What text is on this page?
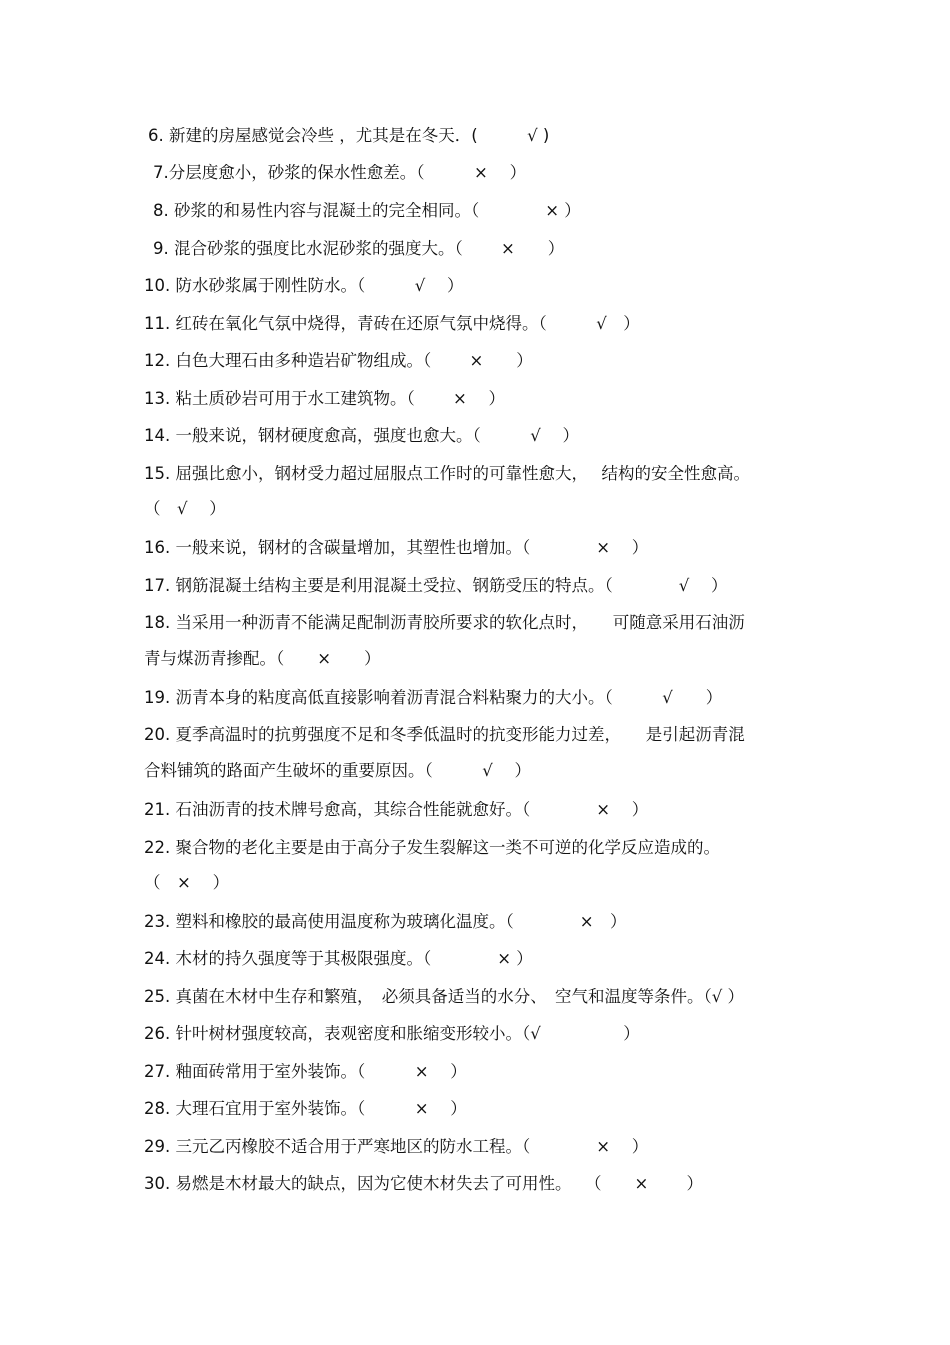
6. 新建的房屋感觉会冷些 ，尤其是在冬天．(　　　√ )
7.分层度愈小，砂浆的保水性愈差。（　　　×　 ）
8. 砂浆的和易性内容与混凝土的完全相同。（　　　　× ）
9. 混合砂浆的强度比水泥砂浆的强度大。（　　 ×　　）
10. 防水砂浆属于刚性防水。（　　　√　 ）
11. 红砖在氧化气氛中烧得，青砖在还原气氛中烧得。（　　　√　）
12. 白色大理石由多种造岩矿物组成。（　　 ×　　）
13. 粘土质砂岩可用于水工建筑物。（　　 ×　 ）
14. 一般来说，钢材硬度愈高，强度也愈大。（　　　√　 ）
15. 屈强比愈小，钢材受力超过屈服点工作时的可靠性愈大，　 结构的安全性愈高。
（　√　 ）
16. 一般来说，钢材的含碳量增加，其塑性也增加。（　　　　×　 ）
17. 钢筋混凝土结构主要是利用混凝土受拉、钢筋受压的特点。（　　　　√　 ）
18. 当采用一种沥青不能满足配制沥青胶所要求的软化点时，　　可随意采用石油沥
青与煤沥青掺配。（　　×　　）
19. 沥青本身的粘度高低直接影响着沥青混合料粘聚力的大小。（　　　√　　）
20. 夏季高温时的抗剪强度不足和冬季低温时的抗变形能力过差，　　是引起沥青混
合料铺筑的路面产生破坏的重要原因。（　　　√　 ）
21. 石油沥青的技术牌号愈高，其综合性能就愈好。（　　　　×　 ）
22. 聚合物的老化主要是由于高分子发生裂解这一类不可逆的化学反应造成的。
（　×　 ）
23. 塑料和橡胶的最高使用温度称为玻璃化温度。（　　　　×　）
24. 木材的持久强度等于其极限强度。（　　　　× ）
25. 真菌在木材中生存和繁殖，　必须具备适当的水分、　空气和温度等条件。（√ ）
26. 针叶树材强度较高，表观密度和胀缩变形较小。（√　　　　　）
27. 釉面砖常用于室外装饰。（　　　×　 ）
28. 大理石宜用于室外装饰。（　　　×　 ）
29. 三元乙丙橡胶不适合用于严寒地区的防水工程。（　　　　×　 ）
30. 易燃是木材最大的缺点，因为它使木材失去了可用性。　 （　　×　　 ）
